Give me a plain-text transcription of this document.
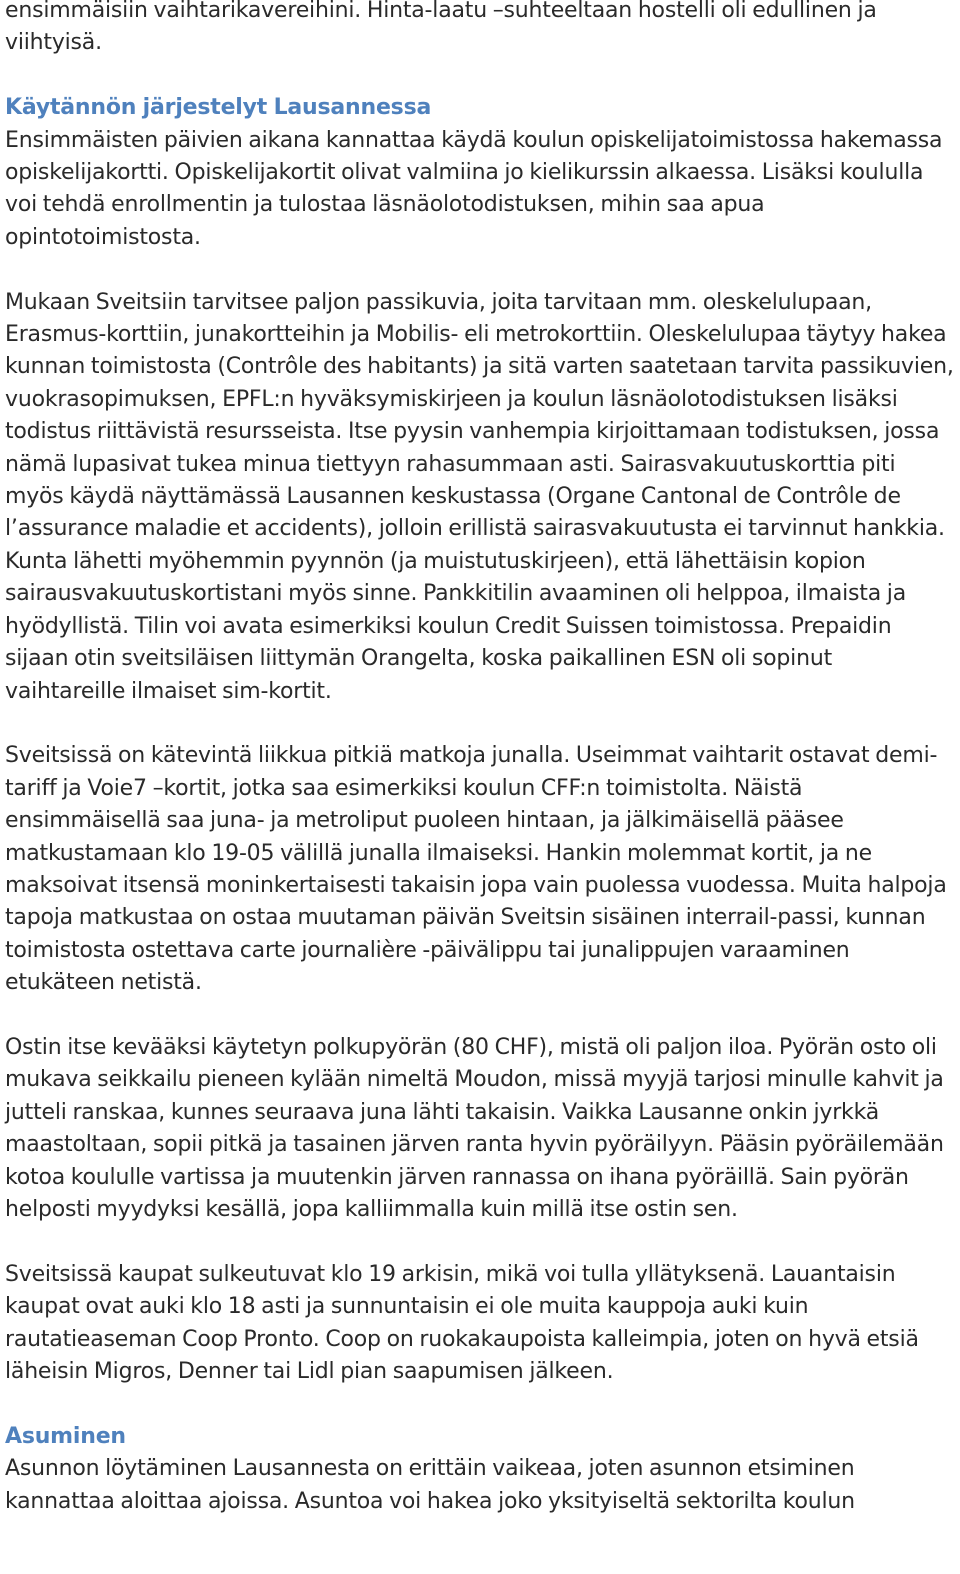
ensimmäisiin vaihtarikavereihini. Hinta-laatu –suhteeltaan hostelli oli edullinen ja viihtyisä.

Käytännön järjestelyt Lausannessa

Ensimmäisten päivien aikana kannattaa käydä koulun opiskelijatoimistossa hakemassa opiskelijakortti. Opiskelijakortit olivat valmiina jo kielikurssin alkaessa. Lisäksi koululla voi tehdä enrollmentin ja tulostaa läsnäolotodistuksen, mihin saa apua opintotoimistosta.

Mukaan Sveitsiin tarvitsee paljon passikuvia, joita tarvitaan mm. oleskelulupaan, Erasmus-korttiin, junakortteihin ja Mobilis- eli metrokorttiin. Oleskelulupaa täytyy hakea kunnan toimistosta (Contrôle des habitants) ja sitä varten saatetaan tarvita passikuvien, vuokrasopimuksen, EPFL:n hyväksymiskirjeen ja koulun läsnäolotodistuksen lisäksi todistus riittävistä resursseista. Itse pyysin vanhempia kirjoittamaan todistuksen, jossa nämä lupasivat tukea minua tiettyyn rahasummaan asti. Sairasvakuutuskorttia piti myös käydä näyttämässä Lausannen keskustassa (Organe Cantonal de Contrôle de l’assurance maladie et accidents), jolloin erillistä sairasvakuutusta ei tarvinnut hankkia. Kunta lähetti myöhemmin pyynnön (ja muistutuskirjeen), että lähettäisin kopion sairausvakuutuskortistani myös sinne. Pankkitilin avaaminen oli helppoa, ilmaista ja hyödyllistä. Tilin voi avata esimerkiksi koulun Credit Suissen toimistossa. Prepaidin sijaan otin sveitsiläisen liittymän Orangelta, koska paikallinen ESN oli sopinut vaihtareille ilmaiset sim-kortit.

Sveitsissä on kätevintä liikkua pitkiä matkoja junalla. Useimmat vaihtarit ostavat demi-tariff ja Voie7 –kortit, jotka saa esimerkiksi koulun CFF:n toimistolta. Näistä ensimmäisellä saa juna- ja metroliput puoleen hintaan, ja jälkimäisellä pääsee matkustamaan klo 19-05 välillä junalla ilmaiseksi. Hankin molemmat kortit, ja ne maksoivat itsensä moninkertaisesti takaisin jopa vain puolessa vuodessa. Muita halpoja tapoja matkustaa on ostaa muutaman päivän Sveitsin sisäinen interrail-passi, kunnan toimistosta ostettava carte journalière -päivälippu tai junalippujen varaaminen etukäteen netistä.

Ostin itse kevääksi käytetyn polkupyörän (80 CHF), mistä oli paljon iloa. Pyörän osto oli mukava seikkailu pieneen kylään nimeltä Moudon, missä myyjä tarjosi minulle kahvit ja jutteli ranskaa, kunnes seuraava juna lähti takaisin. Vaikka Lausanne onkin jyrkkä maastoltaan, sopii pitkä ja tasainen järven ranta hyvin pyöräilyyn. Pääsin pyöräilemään kotoa koululle vartissa ja muutenkin järven rannassa on ihana pyöräillä. Sain pyörän helposti myydyksi kesällä, jopa kalliimmalla kuin millä itse ostin sen.

Sveitsissä kaupat sulkeutuvat klo 19 arkisin, mikä voi tulla yllätyksenä. Lauantaisin kaupat ovat auki klo 18 asti ja sunnuntaisin ei ole muita kauppoja auki kuin rautatieaseman Coop Pronto. Coop on ruokakaupoista kalleimpia, joten on hyvä etsiä läheisin Migros, Denner tai Lidl pian saapumisen jälkeen.

Asuminen

Asunnon löytäminen Lausannesta on erittäin vaikeaa, joten asunnon etsiminen kannattaa aloittaa ajoissa. Asuntoa voi hakea joko yksityiseltä sektorilta koulun
